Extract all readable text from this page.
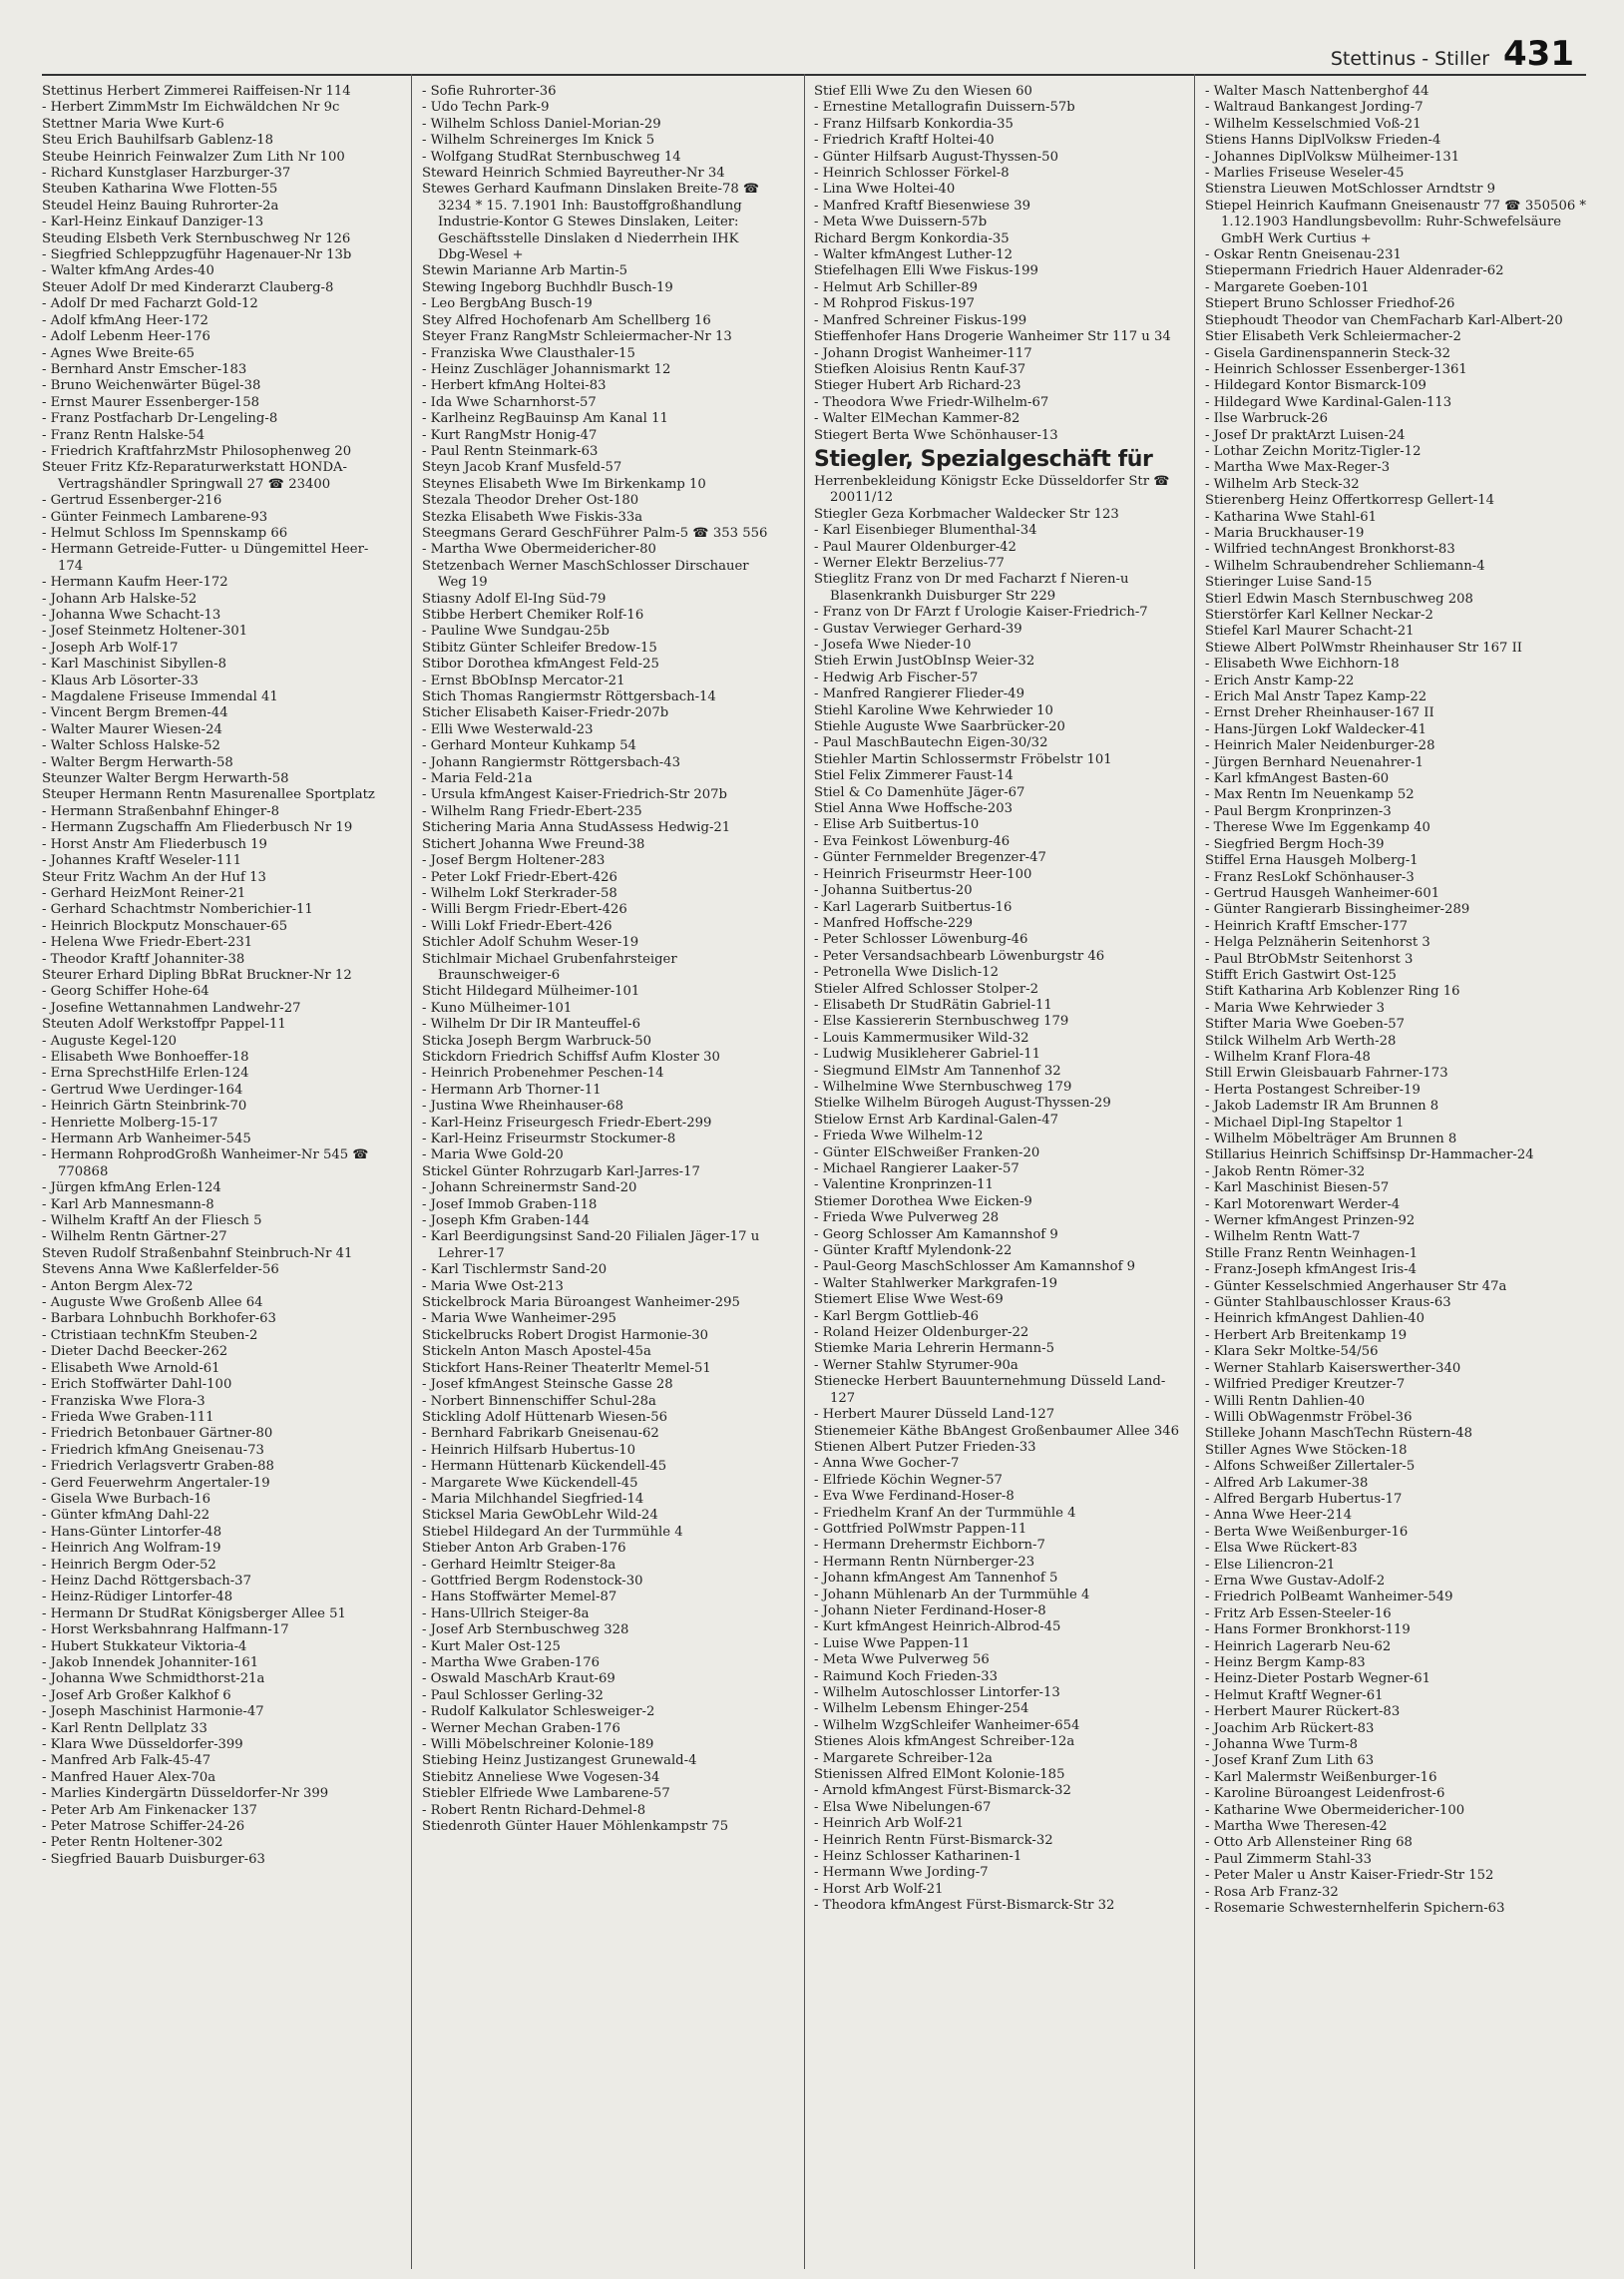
Stettinus - Stiller 431
Stettinus Herbert Zimmerei Raiffeisen-Nr 114
- Herbert ZimmMstr Im Eichwäldchen Nr 9c
Stettner Maria Wwe Kurt-6
Steu Erich Bauhilfsarb Gablenz-18
Steube Heinrich Feinwalzer Zum Lith Nr 100
- Richard Kunstglaser Harzburger-37
Steuben Katharina Wwe Flotten-55
Steudel Heinz Bauing Ruhrorter-2a
- Karl-Heinz Einkauf Danziger-13
Steuding Elsbeth Verk Sternbuschweg Nr 126
- Siegfried Schleppzugführ Hagenauer-Nr 13b
- Walter kfmAng Ardes-40
Steuer Adolf Dr med Kinderarzt Clauberg-8
- Adolf Dr med Facharzt Gold-12
- Adolf kfmAng Heer-172
- Adolf Lebenm Heer-176
- Agnes Wwe Breite-65
- Bernhard Anstr Emscher-183
- Bruno Weichenwärter Bügel-38
- Ernst Maurer Essenberger-158
- Franz Postfacharb Dr-Lengeling-8
- Franz Rentn Halske-54
- Friedrich KraftfahrzMstr Philosophenweg 20
Steuer Fritz Kfz-Reparaturwerkstatt HONDA-Vertragshändler Springwall 27 ☎ 23400
- Gertrud Essenberger-216
- Günter Feinmech Lambarene-93
- Helmut Schloss Im Spennskamp 66
- Hermann Getreide-Futter- u Düngemittel Heer-174
- Hermann Kaufm Heer-172
- Johann Arb Halske-52
- Johanna Wwe Schacht-13
- Josef Steinmetz Holtener-301
- Joseph Arb Wolf-17
- Karl Maschinist Sibyllen-8
- Klaus Arb Lösorter-33
- Magdalene Friseuse Immendal 41
- Vincent Bergm Bremen-44
- Walter Maurer Wiesen-24
- Walter Schloss Halske-52
- Walter Bergm Herwarth-58
Steunzer Walter Bergm Herwarth-58
Steuper Hermann Rentn Masurenallee Sportplatz
- Hermann Straßenbahnf Ehinger-8
- Hermann Zugschaffn Am Fliederbusch Nr 19
- Horst Anstr Am Fliederbusch 19
- Johannes Kraftf Weseler-111
Steur Fritz Wachm An der Huf 13
- Gerhard HeizMont Reiner-21
- Gerhard Schachtmstr Nomberichier-11
- Heinrich Blockputz Monschauer-65
- Helena Wwe Friedr-Ebert-231
- Theodor Kraftf Johanniter-38
Steurer Erhard Dipling BbRat Bruckner-Nr 12
- Georg Schiffer Hohe-64
- Josefine Wettannahmen Landwehr-27
Steuten Adolf Werkstoffpr Pappel-11
- Auguste Kegel-120
- Elisabeth Wwe Bonhoeffer-18
- Erna SprechstHilfe Erlen-124
- Gertrud Wwe Uerdinger-164
- Heinrich Gärtn Steinbrink-70
- Henriette Molberg-15-17
- Hermann Arb Wanheimer-545
- Hermann RohprodGroßh Wanheimer-Nr 545 ☎ 770868
- Jürgen kfmAng Erlen-124
- Karl Arb Mannesmann-8
- Wilhelm Kraftf An der Fliesch 5
- Wilhelm Rentn Gärtner-27
Steven Rudolf Straßenbahnf Steinbruch-Nr 41
Stevens Anna Wwe Kaßlerfelder-56
- Anton Bergm Alex-72
- Auguste Wwe Großenb Allee 64
- Barbara Lohnbuchh Borkhofer-63
- Ctristiaan technKfm Steuben-2
- Dieter Dachd Beecker-262
- Elisabeth Wwe Arnold-61
- Erich Stoffwärter Dahl-100
- Franziska Wwe Flora-3
- Frieda Wwe Graben-111
- Friedrich Betonbauer Gärtner-80
- Friedrich kfmAng Gneisenau-73
- Friedrich Verlagsvertr Graben-88
- Gerd Feuerwehrm Angertaler-19
- Gisela Wwe Burbach-16
- Günter kfmAng Dahl-22
- Hans-Günter Lintorfer-48
- Heinrich Ang Wolfram-19
- Heinrich Bergm Oder-52
- Heinz Dachd Röttgersbach-37
- Heinz-Rüdiger Lintorfer-48
- Hermann Dr StudRat Königsberger Allee 51
- Horst Werksbahnrang Halfmann-17
- Hubert Stukkateur Viktoria-4
- Jakob Innendek Johanniter-161
- Johanna Wwe Schmidthorst-21a
- Josef Arb Großer Kalkhof 6
- Joseph Maschinist Harmonie-47
- Karl Rentn Dellplatz 33
- Klara Wwe Düsseldorfer-399
- Manfred Arb Falk-45-47
- Manfred Hauer Alex-70a
- Marlies Kindergärtn Düsseldorfer-Nr 399
- Peter Arb Am Finkenacker 137
- Peter Matrose Schiffer-24-26
- Peter Rentn Holtener-302
- Siegfried Bauarb Duisburger-63
- Sofie Ruhrorter-36
- Udo Techn Park-9
- Wilhelm Schloss Daniel-Morian-29
- Wilhelm Schreinerges Im Knick 5
- Wolfgang StudRat Sternbuschweg 14
Steward Heinrich Schmied Bayreuther-Nr 34
Stewes Gerhard Kaufmann Dinslaken Breite-78 ☎ 3234 * 15. 7.1901 Inh: Baustoffgroßhandlung Industrie-Kontor G Stewes Dinslaken, Leiter: Geschäftsstelle Dinslaken d Niederrhein IHK Dbg-Wesel +
Stewin Marianne Arb Martin-5
Stewing Ingeborg Buchhdlr Busch-19
- Leo BergbAng Busch-19
Stey Alfred Hochofenarb Am Schellberg 16
Steyer Franz RangMstr Schleiermacher-Nr 13
- Franziska Wwe Clausthaler-15
- Heinz Zuschläger Johannismarkt 12
- Herbert kfmAng Holtei-83
- Ida Wwe Scharnhorst-57
- Karlheinz RegBauinsp Am Kanal 11
- Kurt RangMstr Honig-47
- Paul Rentn Steinmark-63
Steyn Jacob Kranf Musfeld-57
Steynes Elisabeth Wwe Im Birkenkamp 10
Stezala Theodor Dreher Ost-180
Stezka Elisabeth Wwe Fiskis-33a
Steegmans Gerard GeschFührer Palm-5 ☎ 353 556
- Martha Wwe Obermeidericher-80
Stetzenbach Werner MaschSchlosser Dirschauer Weg 19
Stiasny Adolf El-Ing Süd-79
Stibbe Herbert Chemiker Rolf-16
- Pauline Wwe Sundgau-25b
Stibitz Günter Schleifer Bredow-15
Stibor Dorothea kfmAngest Feld-25
- Ernst BbObInsp Mercator-21
Stich Thomas Rangiermstr Röttgersbach-14
Sticher Elisabeth Kaiser-Friedr-207b
- Elli Wwe Westerwald-23
- Gerhard Monteur Kuhkamp 54
- Johann Rangiermstr Röttgersbach-43
- Maria Feld-21a
- Ursula kfmAngest Kaiser-Friedrich-Str 207b
- Wilhelm Rang Friedr-Ebert-235
Stichering Maria Anna StudAssess Hedwig-21
Stichert Johanna Wwe Freund-38
- Josef Bergm Holtener-283
- Peter Lokf Friedr-Ebert-426
- Wilhelm Lokf Sterkrader-58
- Willi Bergm Friedr-Ebert-426
- Willi Lokf Friedr-Ebert-426
Stichler Adolf Schuhm Weser-19
Stichlmair Michael Grubenfahrsteiger Braunschweiger-6
Sticht Hildegard Mülheimer-101
- Kuno Mülheimer-101
- Wilhelm Dr Dir IR Manteuffel-6
Sticka Joseph Bergm Warbruck-50
Stickdorn Friedrich Schiffsf Aufm Kloster 30
- Heinrich Probenehmer Peschen-14
- Hermann Arb Thorner-11
- Justina Wwe Rheinhauser-68
- Karl-Heinz Friseurgesch Friedr-Ebert-299
- Karl-Heinz Friseurmstr Stockumer-8
- Maria Wwe Gold-20
Stickel Günter Rohrzugarb Karl-Jarres-17
- Johann Schreinermstr Sand-20
- Josef Immob Graben-118
- Joseph Kfm Graben-144
- Karl Beerdigungsinst Sand-20 Filialen Jäger-17 u Lehrer-17
- Karl Tischlermstr Sand-20
- Maria Wwe Ost-213
Stickelbrock Maria Büroangest Wanheimer-295
- Maria Wwe Wanheimer-295
Stickelbrucks Robert Drogist Harmonie-30
Stickeln Anton Masch Apostel-45a
Stickfort Hans-Reiner Theaterltr Memel-51
- Josef kfmAngest Steinsche Gasse 28
- Norbert Binnenschiffer Schul-28a
Stickling Adolf Hüttenarb Wiesen-56
- Bernhard Fabrikarb Gneisenau-62
- Heinrich Hilfsarb Hubertus-10
- Hermann Hüttenarb Kückendell-45
- Margarete Wwe Kückendell-45
- Maria Milchhandel Siegfried-14
Sticksel Maria GewObLehr Wild-24
Stiebel Hildegard An der Turmmühle 4
Stieber Anton Arb Graben-176
- Gerhard Heimltr Steiger-8a
- Gottfried Bergm Rodenstock-30
- Hans Stoffwärter Memel-87
- Hans-Ullrich Steiger-8a
- Josef Arb Sternbuschweg 328
- Kurt Maler Ost-125
- Martha Wwe Graben-176
- Oswald MaschArb Kraut-69
- Paul Schlosser Gerling-32
- Rudolf Kalkulator Schlesweiger-2
- Werner Mechan Graben-176
- Willi Möbelschreiner Kolonie-189
Stiebing Heinz Justizangest Grunewald-4
Stiebitz Anneliese Wwe Vogesen-34
Stiebler Elfriede Wwe Lambarene-57
- Robert Rentn Richard-Dehmel-8
Stiedenroth Günter Hauer Möhlenkampstr 75
Stief Elli Wwe Zu den Wiesen 60
- Ernestine Metallografin Duissern-57b
- Franz Hilfsarb Konkordia-35
- Friedrich Kraftf Holtei-40
- Günter Hilfsarb August-Thyssen-50
- Heinrich Schlosser Förkel-8
- Lina Wwe Holtei-40
- Manfred Kraftf Biesenwiese 39
- Meta Wwe Duissern-57b
Richard Bergm Konkordia-35
- Walter kfmAngest Luther-12
Stiefelhagen Elli Wwe Fiskus-199
- Helmut Arb Schiller-89
- M Rohprod Fiskus-197
- Manfred Schreiner Fiskus-199
Stieffenhofer Hans Drogerie Wanheimer Str 117 u 34
- Johann Drogist Wanheimer-117
Stiefken Aloisius Rentn Kauf-37
Stieger Hubert Arb Richard-23
- Theodora Wwe Friedr-Wilhelm-67
- Walter ElMechan Kammer-82
Stiegert Berta Wwe Schönhauser-13
Stiegler, Spezialgeschäft für
Herrenbekleidung Königstr Ecke Düsseldorfer Str ☎ 20011/12
Stiegler Geza Korbmacher Waldecker Str 123
- Karl Eisenbieger Blumenthal-34
- Paul Maurer Oldenburger-42
- Werner Elektr Berzelius-77
Stieglitz Franz von Dr med Facharzt f Nieren-u Blasenkrankh Duisburger Str 229
- Franz von Dr FArzt f Urologie Kaiser-Friedrich-7
- Gustav Verwieger Gerhard-39
- Josefa Wwe Nieder-10
Stieh Erwin JustObInsp Weier-32
- Hedwig Arb Fischer-57
- Manfred Rangierer Flieder-49
Stiehl Karoline Wwe Kehrwieder 10
Stiehle Auguste Wwe Saarbrücker-20
- Paul MaschBautechn Eigen-30/32
Stiehler Martin Schlossermstr Fröbelstr 101
Stiel Felix Zimmerer Faust-14
Stiel & Co Damenhüte Jäger-67
Stiel Anna Wwe Hoffsche-203
- Elise Arb Suitbertus-10
- Eva Feinkost Löwenburg-46
- Günter Fernmelder Bregenzer-47
- Heinrich Friseurmstr Heer-100
- Johanna Suitbertus-20
- Karl Lagerarb Suitbertus-16
- Manfred Hoffsche-229
- Peter Schlosser Löwenburg-46
- Peter Versandsachbearb Löwenburgstr 46
- Petronella Wwe Dislich-12
Stieler Alfred Schlosser Stolper-2
- Elisabeth Dr StudRätin Gabriel-11
- Else Kassiererin Sternbuschweg 179
- Louis Kammermusiker Wild-32
- Ludwig Musikleherer Gabriel-11
- Siegmund ElMstr Am Tannenhof 32
- Wilhelmine Wwe Sternbuschweg 179
Stielke Wilhelm Bürogeh August-Thyssen-29
Stielow Ernst Arb Kardinal-Galen-47
- Frieda Wwe Wilhelm-12
- Günter ElSchweißer Franken-20
- Michael Rangierer Laaker-57
- Valentine Kronprinzen-11
Stiemer Dorothea Wwe Eicken-9
- Frieda Wwe Pulverweg 28
- Georg Schlosser Am Kamannshof 9
- Günter Kraftf Mylendonk-22
- Paul-Georg MaschSchlosser Am Kamannshof 9
- Walter Stahlwerker Markgrafen-19
Stiemert Elise Wwe West-69
- Karl Bergm Gottlieb-46
- Roland Heizer Oldenburger-22
Stiemke Maria Lehrerin Hermann-5
- Werner Stahlw Styrumer-90a
Stienecke Herbert Bauunternehmung Düsseld Land-127
- Herbert Maurer Düsseld Land-127
Stienemeier Käthe BbAngest Großenbaumer Allee 346
Stienen Albert Putzer Frieden-33
- Anna Wwe Gocher-7
- Elfriede Köchin Wegner-57
- Eva Wwe Ferdinand-Hoser-8
- Friedhelm Kranf An der Turmmühle 4
- Gottfried PolWmstr Pappen-11
- Hermann Drehermstr Eichborn-7
- Hermann Rentn Nürnberger-23
- Johann kfmAngest Am Tannenhof 5
- Johann Mühlenarb An der Turmmühle 4
- Johann Nieter Ferdinand-Hoser-8
- Kurt kfmAngest Heinrich-Albrod-45
- Luise Wwe Pappen-11
- Meta Wwe Pulverweg 56
- Raimund Koch Frieden-33
- Wilhelm Autoschlosser Lintorfer-13
- Wilhelm Lebensm Ehinger-254
- Wilhelm WzgSchleifer Wanheimer-654
Stienes Alois kfmAngest Schreiber-12a
- Margarete Schreiber-12a
Stienissen Alfred ElMont Kolonie-185
- Arnold kfmAngest Fürst-Bismarck-32
- Elsa Wwe Nibelungen-67
- Heinrich Arb Wolf-21
- Heinrich Rentn Fürst-Bismarck-32
- Heinz Schlosser Katharinen-1
- Hermann Wwe Jording-7
- Horst Arb Wolf-21
- Theodora kfmAngest Fürst-Bismarck-Str 32
- Walter Masch Nattenberghof 44
- Waltraud Bankangest Jording-7
- Wilhelm Kesselschmied Voß-21
Stiens Hanns DiplVolksw Frieden-4
- Johannes DiplVolksw Mülheimer-131
- Marlies Friseuse Weseler-45
Stienstra Lieuwen MotSchlosser Arndtstr 9
Stiepel Heinrich Kaufmann Gneisenaustr 77 ☎ 350506 * 1.12.1903 Handlungsbevollm: Ruhr-Schwefelsäure GmbH Werk Curtius +
- Oskar Rentn Gneisenau-231
Stiepermann Friedrich Hauer Aldenrader-62
- Margarete Goeben-101
Stiepert Bruno Schlosser Friedhof-26
Stiephoudt Theodor van ChemFacharb Karl-Albert-20
Stier Elisabeth Verk Schleiermacher-2
- Gisela Gardinenspannerin Steck-32
- Heinrich Schlosser Essenberger-1361
- Hildegard Kontor Bismarck-109
- Hildegard Wwe Kardinal-Galen-113
- Ilse Warbruck-26
- Josef Dr praktArzt Luisen-24
- Lothar Zeichn Moritz-Tigler-12
- Martha Wwe Max-Reger-3
- Wilhelm Arb Steck-32
Stierenberg Heinz Offertkorresp Gellert-14
- Katharina Wwe Stahl-61
- Maria Bruckhauser-19
- Wilfried technAngest Bronkhorst-83
- Wilhelm Schraubendreher Schliemann-4
Stieringer Luise Sand-15
Stierl Edwin Masch Sternbuschweg 208
Stierstörfer Karl Kellner Neckar-2
Stiefel Karl Maurer Schacht-21
Stiewe Albert PolWmstr Rheinhauser Str 167 II
- Elisabeth Wwe Eichhorn-18
- Erich Anstr Kamp-22
- Erich Mal Anstr Tapez Kamp-22
- Ernst Dreher Rheinhauser-167 II
- Hans-Jürgen Lokf Waldecker-41
- Heinrich Maler Neidenburger-28
- Jürgen Bernhard Neuenahrer-1
- Karl kfmAngest Basten-60
- Max Rentn Im Neuenkamp 52
- Paul Bergm Kronprinzen-3
- Therese Wwe Im Eggenkamp 40
- Siegfried Bergm Hoch-39
Stiffel Erna Hausgeh Molberg-1
- Franz ResLokf Schönhauser-3
- Gertrud Hausgeh Wanheimer-601
- Günter Rangierarb Bissingheimer-289
- Heinrich Kraftf Emscher-177
- Helga Pelznäherin Seitenhorst 3
- Paul BtrObMstr Seitenhorst 3
Stifft Erich Gastwirt Ost-125
Stift Katharina Arb Koblenzer Ring 16
- Maria Wwe Kehrwieder 3
Stifter Maria Wwe Goeben-57
Stilck Wilhelm Arb Werth-28
- Wilhelm Kranf Flora-48
Still Erwin Gleisbauarb Fahrner-173
- Herta Postangest Schreiber-19
- Jakob Lademstr IR Am Brunnen 8
- Michael Dipl-Ing Stapeltor 1
- Wilhelm Möbelträger Am Brunnen 8
Stillarius Heinrich Schiffsinsp Dr-Hammacher-24
- Jakob Rentn Römer-32
- Karl Maschinist Biesen-57
- Karl Motorenwart Werder-4
- Werner kfmAngest Prinzen-92
- Wilhelm Rentn Watt-7
Stille Franz Rentn Weinhagen-1
- Franz-Joseph kfmAngest Iris-4
- Günter Kesselschmied Angerhauser Str 47a
- Günter Stahlbauschlosser Kraus-63
- Heinrich kfmAngest Dahlien-40
- Herbert Arb Breitenkamp 19
- Klara Sekr Moltke-54/56
- Werner Stahlarb Kaiserswerther-340
- Wilfried Prediger Kreutzer-7
- Willi Rentn Dahlien-40
- Willi ObWagenmstr Fröbel-36
Stilleke Johann MaschTechn Rüstern-48
Stiller Agnes Wwe Stöcken-18
- Alfons Schweißer Zillertaler-5
- Alfred Arb Lakumer-38
- Alfred Bergarb Hubertus-17
- Anna Wwe Heer-214
- Berta Wwe Weißenburger-16
- Elsa Wwe Rückert-83
- Else Liliencron-21
- Erna Wwe Gustav-Adolf-2
- Friedrich PolBeamt Wanheimer-549
- Fritz Arb Essen-Steeler-16
- Hans Former Bronkhorst-119
- Heinrich Lagerarb Neu-62
- Heinz Bergm Kamp-83
- Heinz-Dieter Postarb Wegner-61
- Helmut Kraftf Wegner-61
- Herbert Maurer Rückert-83
- Joachim Arb Rückert-83
- Johanna Wwe Turm-8
- Josef Kranf Zum Lith 63
- Karl Malermstr Weißenburger-16
- Karoline Büroangest Leidenfrost-6
- Katharine Wwe Obermeidericher-100
- Martha Wwe Theresen-42
- Otto Arb Allensteiner Ring 68
- Paul Zimmerm Stahl-33
- Peter Maler u Anstr Kaiser-Friedr-Str 152
- Rosa Arb Franz-32
- Rosemarie Schwesternhelferin Spichern-63
